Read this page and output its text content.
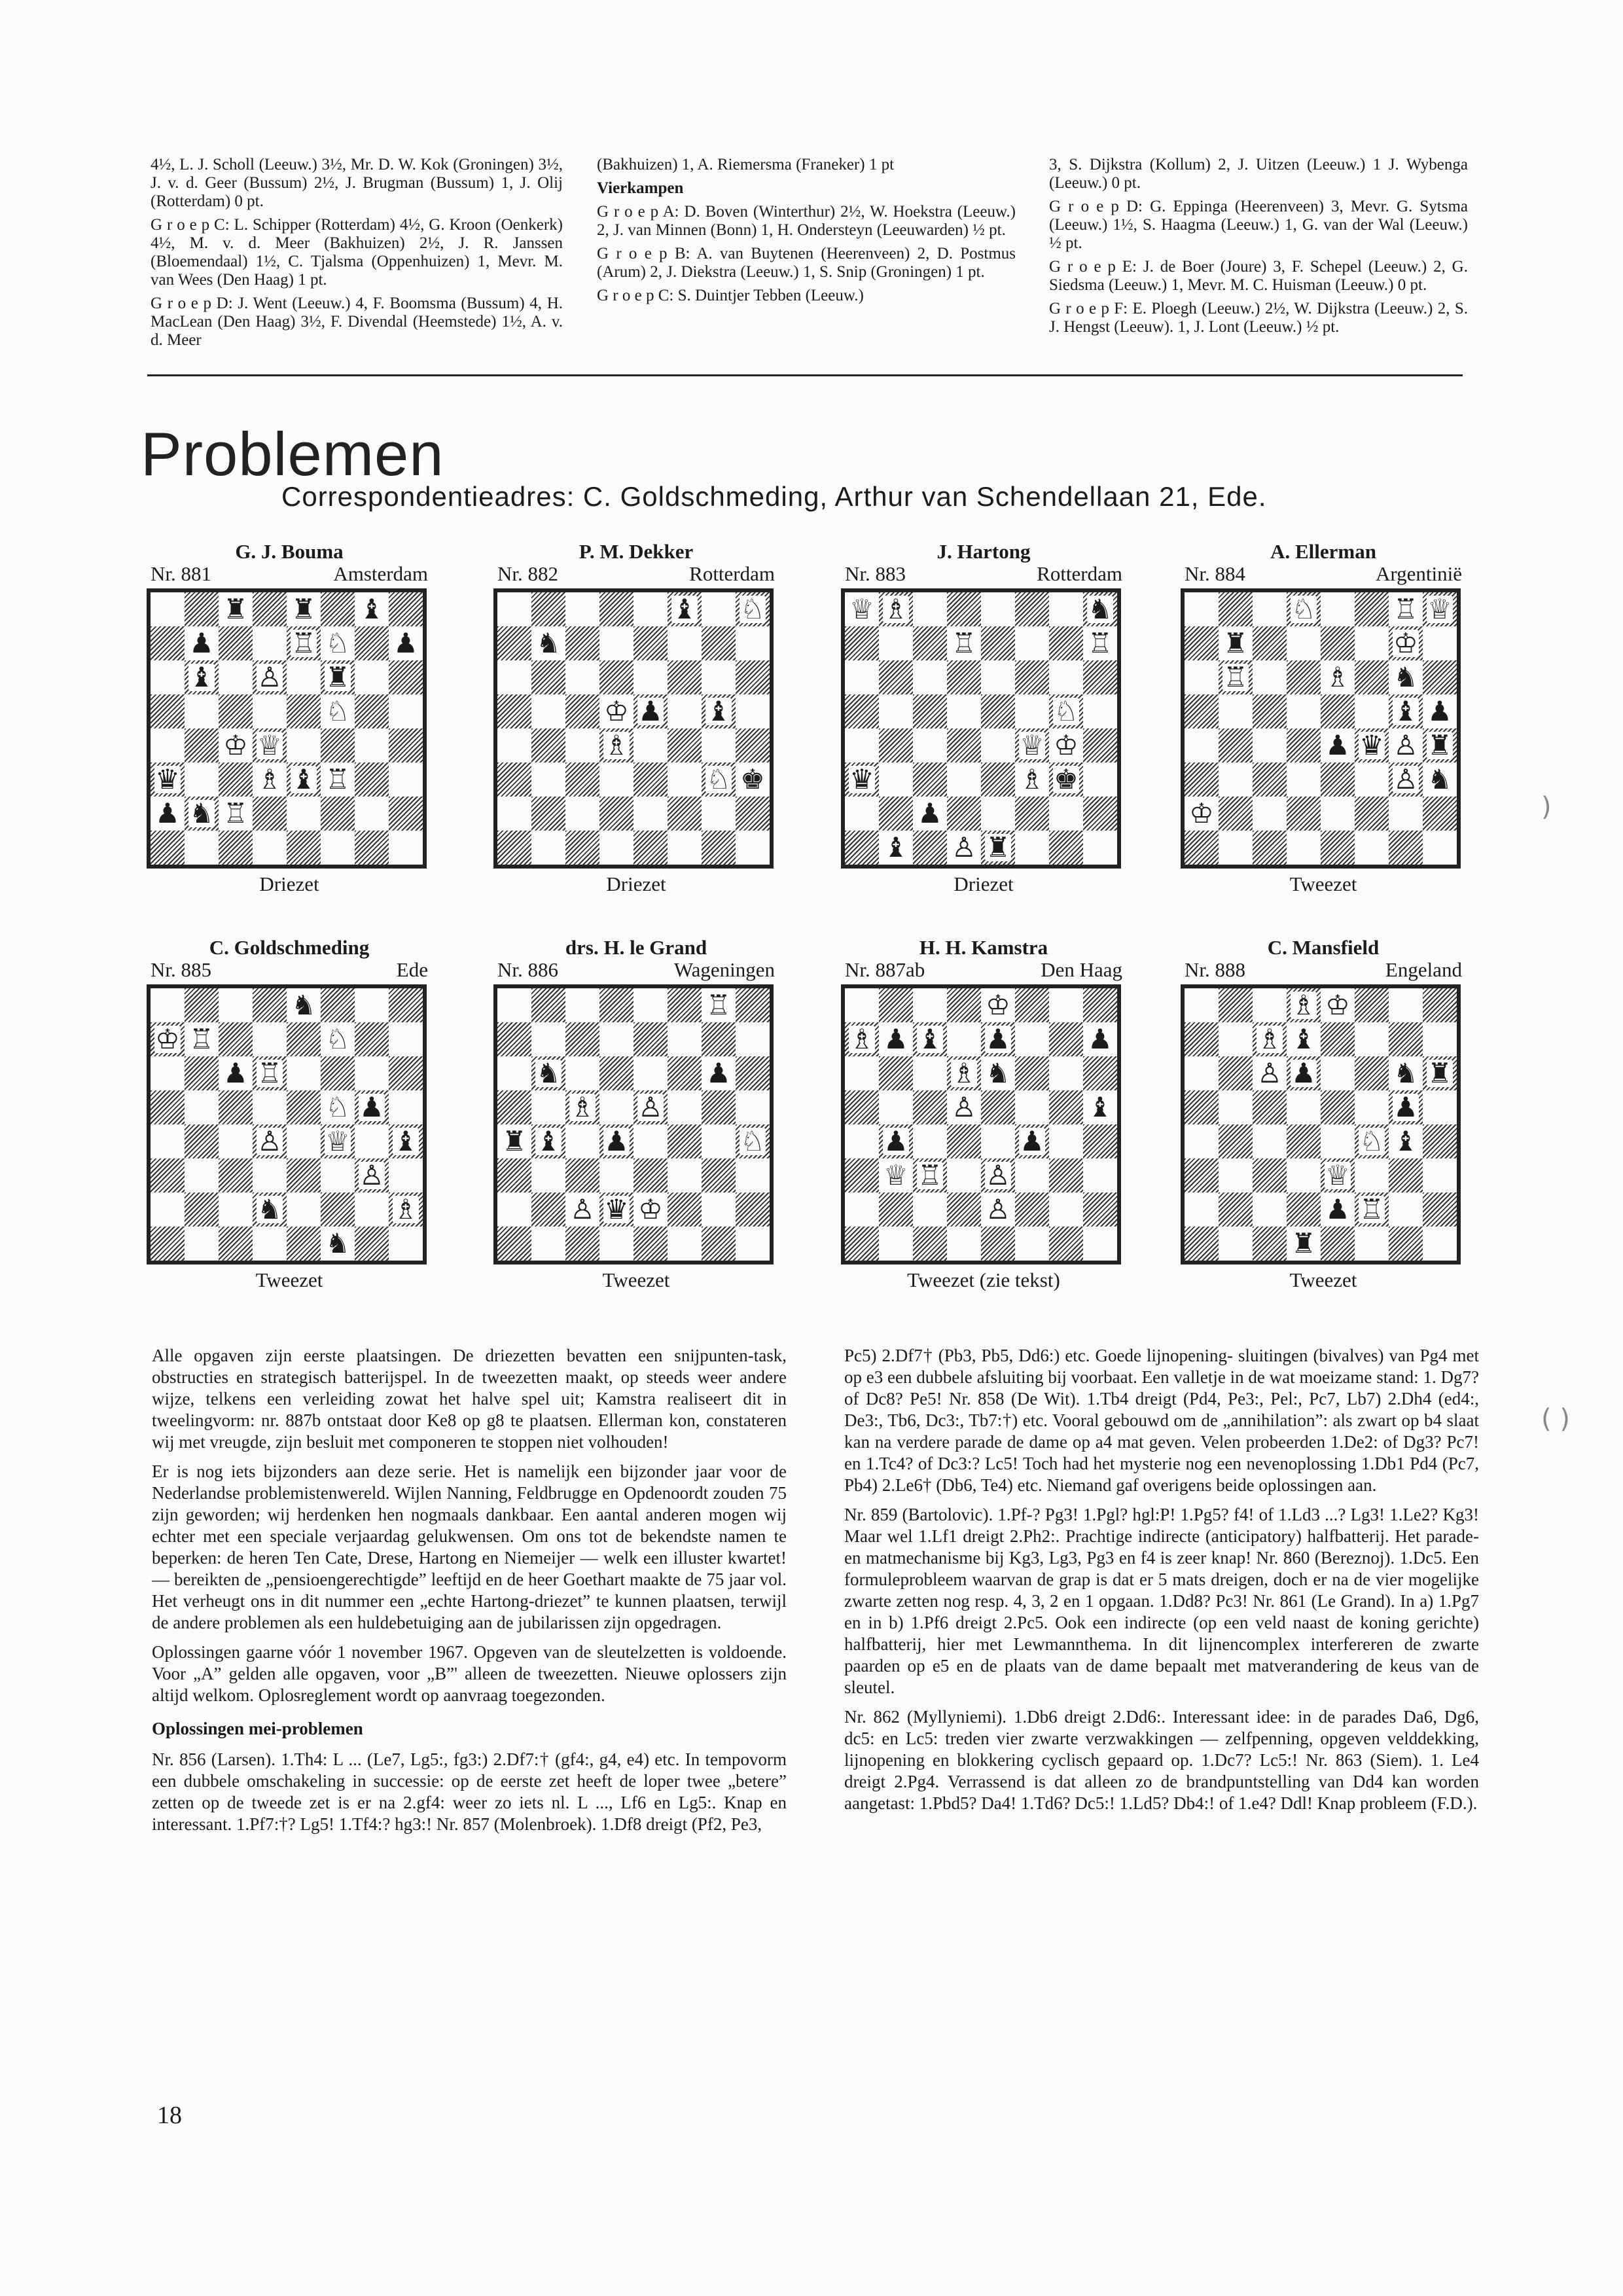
4½, L. J. Scholl (Leeuw.) 3½, Mr. D. W. Kok (Groningen) 3½, J. v. d. Geer (Bussum) 2½, J. Brugman (Bussum) 1, J. Olij (Rotterdam) 0 pt.

G r o e p C: L. Schipper (Rotterdam) 4½, G. Kroon (Oenkerk) 4½, M. v. d. Meer (Bakhuizen) 2½, J. R. Janssen (Bloemendaal) 1½, C. Tjalsma (Oppenhuizen) 1, Mevr. M. van Wees (Den Haag) 1 pt.

G r o e p D: J. Went (Leeuw.) 4, F. Boomsma (Bussum) 4, H. MacLean (Den Haag) 3½, F. Divendal (Heemstede) 1½, A. v. d. Meer

(Bakhuizen) 1, A. Riemersma (Franeker) 1 pt

Vierkampen

G r o e p A: D. Boven (Winterthur) 2½, W. Hoekstra (Leeuw.) 2, J. van Minnen (Bonn) 1, H. Ondersteyn (Leeuwarden) ½ pt.

G r o e p B: A. van Buytenen (Heerenveen) 2, D. Postmus (Arum) 2, J. Diekstra (Leeuw.) 1, S. Snip (Groningen) 1 pt.

G r o e p C: S. Duintjer Tebben (Leeuw.)

3, S. Dijkstra (Kollum) 2, J. Uitzen (Leeuw.) 1 J. Wybenga (Leeuw.) 0 pt.

G r o e p D: G. Eppinga (Heerenveen) 3, Mevr. G. Sytsma (Leeuw.) 1½, S. Haagma (Leeuw.) 1, G. van der Wal (Leeuw.) ½ pt.

G r o e p E: J. de Boer (Joure) 3, F. Schepel (Leeuw.) 2, G. Siedsma (Leeuw.) 1, Mevr. M. C. Huisman (Leeuw.) 0 pt.

G r o e p F: E. Ploegh (Leeuw.) 2½, W. Dijkstra (Leeuw.) 2, S. J. Hengst (Leeuw). 1, J. Lont (Leeuw.) ½ pt.

Problemen
Correspondentieadres: C. Goldschmeding, Arthur van Schendellaan 21, Ede.
G. J. Bouma
Nr. 881	Amsterdam
♜ ♜ ♝
♟	♖ ♘ ♟
♝ ♙ ♜
♘
♔ ♕
♛	♗ ♝ ♖
♟ ♞ ♖
Driezet
P. M. Dekker
Nr. 882	Rotterdam
♝ ♘
♞
♔ ♟ ♝
♗
♘ ♚
Driezet
J. Hartong
Nr. 883	Rotterdam
♕ ♗	♞
♖	♖
♘
♕ ♔
♛	♗ ♚
♟
♝ ♙ ♜
Driezet
A. Ellerman
Nr. 884	Argentinië
♘	♖ ♕
♜	♔
♖	♗ ♞
♝ ♟
♟ ♛ ♙ ♜
♙ ♞
♔
Tweezet
C. Goldschmeding
Nr. 885	Ede
♞
♔ ♖	♘
♟ ♖
♘ ♟
♙ ♕ ♝
♙
♞	♗
♞
Tweezet
drs. H. le Grand
Nr. 886	Wageningen
♖
♞	♟
♗ ♙
♜ ♝ ♟	♘
♙ ♛ ♔
Tweezet
H. H. Kamstra
Nr. 887ab	Den Haag
♔
♗ ♟ ♝ ♟	♟
♗ ♞
♙	♝
♟	♟
♕ ♖ ♙
♙
Tweezet (zie tekst)
C. Mansfield
Nr. 888	Engeland
♗ ♔
♗ ♝
♙ ♟	♞ ♜
♟
♘ ♝
♕
♟ ♖
♜
Tweezet

Alle opgaven zijn eerste plaatsingen. De driezetten bevatten een snijpunten-task, obstructies en strategisch batterijspel. In de tweezetten maakt, op steeds weer andere wijze, telkens een verleiding zowat het halve spel uit; Kamstra realiseert dit in tweelingvorm: nr. 887b ontstaat door Ke8 op g8 te plaatsen. Ellerman kon, constateren wij met vreugde, zijn besluit met componeren te stoppen niet volhouden!

Er is nog iets bijzonders aan deze serie. Het is namelijk een bijzonder jaar voor de Nederlandse problemistenwereld. Wijlen Nanning, Feldbrugge en Opdenoordt zouden 75 zijn geworden; wij herdenken hen nogmaals dankbaar. Een aantal anderen mogen wij echter met een speciale verjaardag gelukwensen. Om ons tot de bekendste namen te beperken: de heren Ten Cate, Drese, Hartong en Niemeijer — welk een illuster kwartet! — bereikten de „pensioengerechtigde” leeftijd en de heer Goethart maakte de 75 jaar vol. Het verheugt ons in dit nummer een „echte Hartong-driezet” te kunnen plaatsen, terwijl de andere problemen als een huldebetuiging aan de jubilarissen zijn opgedragen.

Oplossingen gaarne vóór 1 november 1967. Opgeven van de sleutelzetten is voldoende. Voor „A” gelden alle opgaven, voor „B”' alleen de tweezetten. Nieuwe oplossers zijn altijd welkom. Oplosreglement wordt op aanvraag toegezonden.

Oplossingen mei-problemen

Nr. 856 (Larsen). 1.Th4: L ... (Le7, Lg5:, fg3:) 2.Df7:† (gf4:, g4, e4) etc. In tempovorm een dubbele omschakeling in successie: op de eerste zet heeft de loper twee „betere” zetten op de tweede zet is er na 2.gf4: weer zo iets nl. L ..., Lf6 en Lg5:. Knap en interessant. 1.Pf7:†? Lg5! 1.Tf4:? hg3:! Nr. 857 (Molenbroek). 1.Df8 dreigt (Pf2, Pe3,

Pc5) 2.Df7† (Pb3, Pb5, Dd6:) etc. Goede lijnopening- sluitingen (bivalves) van Pg4 met op e3 een dubbele afsluiting bij voorbaat. Een valletje in de wat moeizame stand: 1. Dg7? of Dc8? Pe5! Nr. 858 (De Wit). 1.Tb4 dreigt (Pd4, Pe3:, Pel:, Pc7, Lb7) 2.Dh4 (ed4:, De3:, Tb6, Dc3:, Tb7:†) etc. Vooral gebouwd om de „annihilation”: als zwart op b4 slaat kan na verdere parade de dame op a4 mat geven. Velen probeerden 1.De2: of Dg3? Pc7! en 1.Tc4? of Dc3:? Lc5! Toch had het mysterie nog een nevenoplossing 1.Db1 Pd4 (Pc7, Pb4) 2.Le6† (Db6, Te4) etc. Niemand gaf overigens beide oplossingen aan.

Nr. 859 (Bartolovic). 1.Pf-? Pg3! 1.Pgl? hgl:P! 1.Pg5? f4! of 1.Ld3 ...? Lg3! 1.Le2? Kg3! Maar wel 1.Lf1 dreigt 2.Ph2:. Prachtige indirecte (anticipatory) halfbatterij. Het parade- en matmechanisme bij Kg3, Lg3, Pg3 en f4 is zeer knap! Nr. 860 (Bereznoj). 1.Dc5. Een formuleprobleem waarvan de grap is dat er 5 mats dreigen, doch er na de vier mogelijke zwarte zetten nog resp. 4, 3, 2 en 1 opgaan. 1.Dd8? Pc3! Nr. 861 (Le Grand). In a) 1.Pg7 en in b) 1.Pf6 dreigt 2.Pc5. Ook een indirecte (op een veld naast de koning gerichte) halfbatterij, hier met Lewmannthema. In dit lijnencomplex interfereren de zwarte paarden op e5 en de plaats van de dame bepaalt met matverandering de keus van de sleutel.

Nr. 862 (Myllyniemi). 1.Db6 dreigt 2.Dd6:. Interessant idee: in de parades Da6, Dg6, dc5: en Lc5: treden vier zwarte verzwakkingen — zelfpenning, opgeven velddekking, lijnopening en blokkering cyclisch gepaard op. 1.Dc7? Lc5:! Nr. 863 (Siem). 1. Le4 dreigt 2.Pg4. Verrassend is dat alleen zo de brandpuntstelling van Dd4 kan worden aangetast: 1.Pbd5? Da4! 1.Td6? Dc5:! 1.Ld5? Db4:! of 1.e4? Ddl! Knap probleem (F.D.).

18
)
( )
